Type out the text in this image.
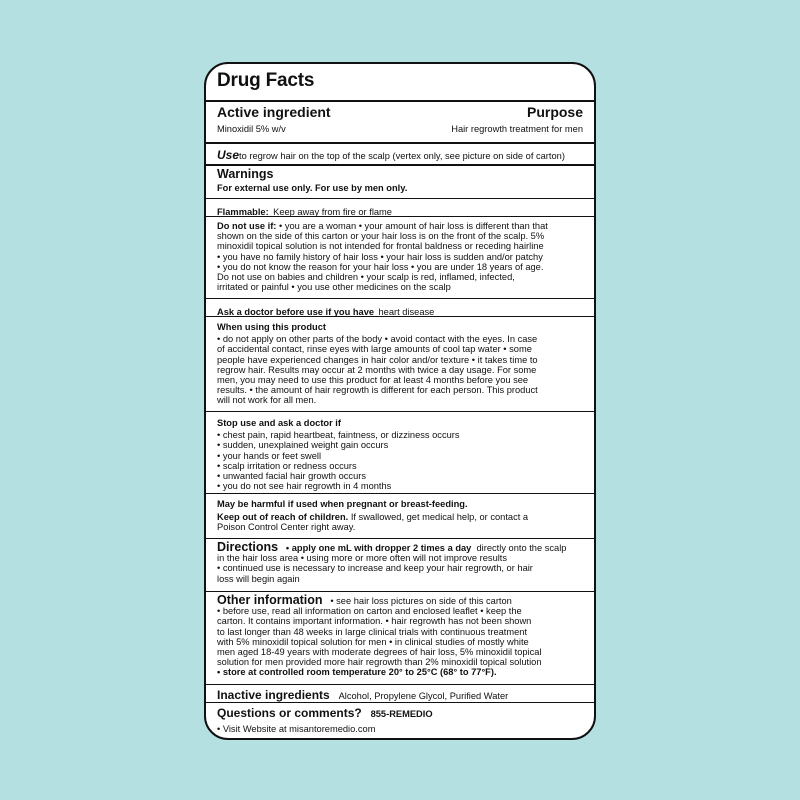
Drug Facts
Active ingredient	Purpose
Minoxidil 5% w/v	Hair regrowth treatment for men
Useto regrow hair on the top of the scalp (vertex only, see picture on side of carton)
Warnings
For external use only. For use by men only.
Flammable: Keep away from fire or flame
Do not use if: • you are a woman • your amount of hair loss is different than that
shown on the side of this carton or your hair loss is on the front of the scalp. 5%
minoxidil topical solution is not intended for frontal baldness or receding hairline
• you have no family history of hair loss • your hair loss is sudden and/or patchy
• you do not know the reason for your hair loss • you are under 18 years of age.
Do not use on babies and children • your scalp is red, inflamed, infected,
irritated or painful • you use other medicines on the scalp
Ask a doctor before use if you have heart disease
When using this product
• do not apply on other parts of the body • avoid contact with the eyes. In case
of accidental contact, rinse eyes with large amounts of cool tap water • some
people have experienced changes in hair color and/or texture • it takes time to
regrow hair. Results may occur at 2 months with twice a day usage. For some
men, you may need to use this product for at least 4 months before you see
results. • the amount of hair regrowth is different for each person. This product
will not work for all men.
Stop use and ask a doctor if
• chest pain, rapid heartbeat, faintness, or dizziness occurs
• sudden, unexplained weight gain occurs
• your hands or feet swell
• scalp irritation or redness occurs
• unwanted facial hair growth occurs
• you do not see hair regrowth in 4 months
May be harmful if used when pregnant or breast-feeding.
Keep out of reach of children. If swallowed, get medical help, or contact a
Poison Control Center right away.
Directions • apply one mL with dropper 2 times a day directly onto the scalp
in the hair loss area • using more or more often will not improve results
• continued use is necessary to increase and keep your hair regrowth, or hair
loss will begin again
Other information • see hair loss pictures on side of this carton
• before use, read all information on carton and enclosed leaflet • keep the
carton. It contains important information. • hair regrowth has not been shown
to last longer than 48 weeks in large clinical trials with continuous treatment
with 5% minoxidil topical solution for men • in clinical studies of mostly white
men aged 18-49 years with moderate degrees of hair loss, 5% minoxidil topical
solution for men provided more hair regrowth than 2% minoxidil topical solution
• store at controlled room temperature 20° to 25°C (68° to 77°F).
Inactive ingredients Alcohol, Propylene Glycol, Purified Water
Questions or comments? 855-REMEDIO
• Visit Website at misantoremedio.com
